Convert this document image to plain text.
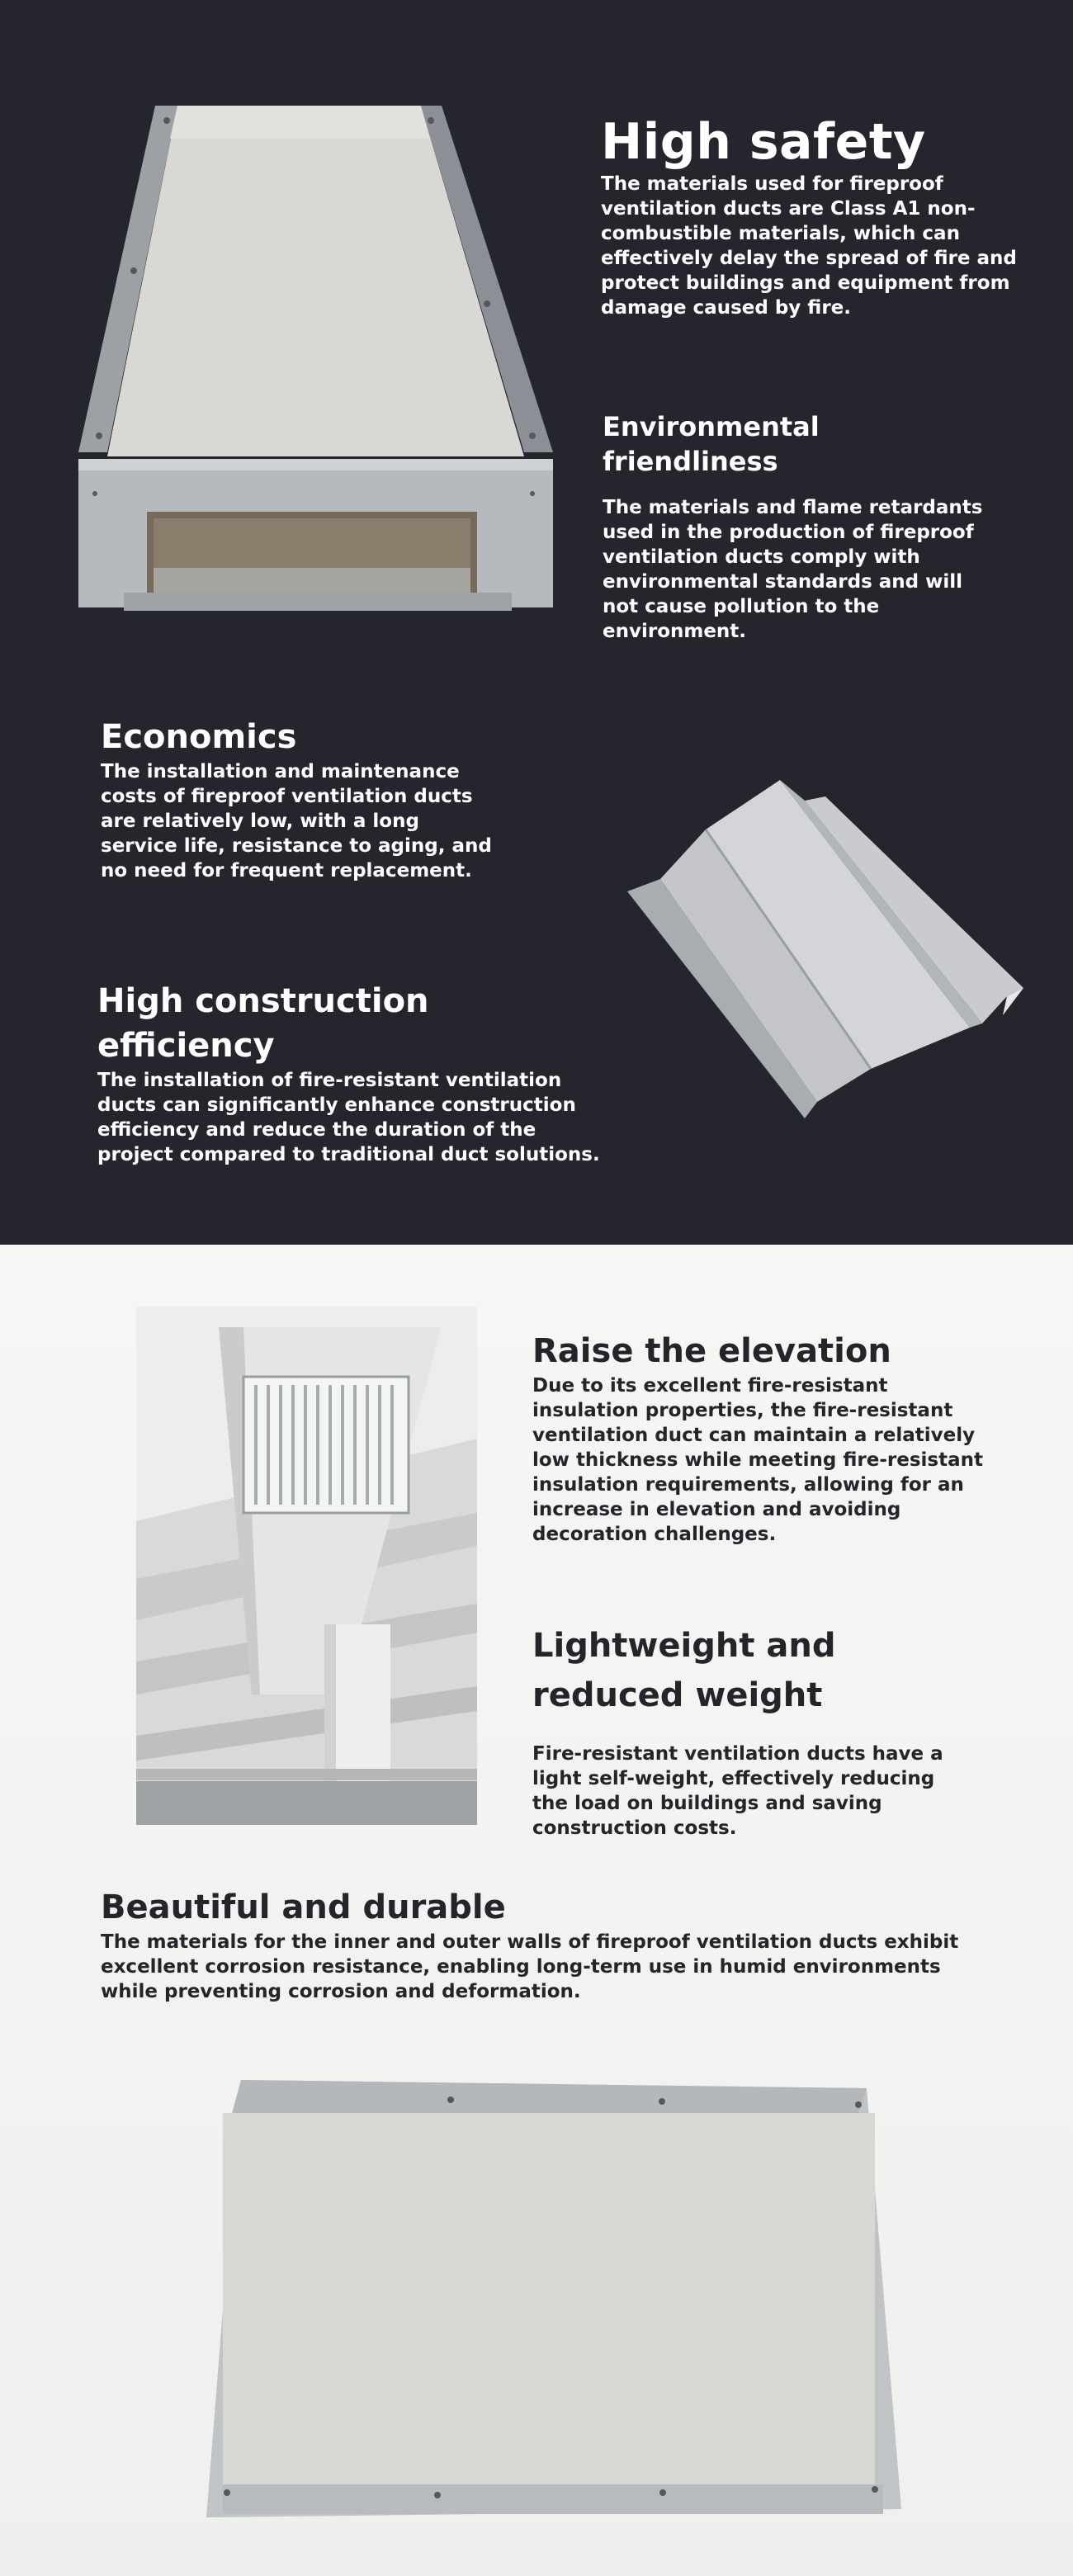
High safety

The materials used for fireproof ventilation ducts are Class A1 non-combustible materials, which can effectively delay the spread of fire and protect buildings and equipment from damage caused by fire.

Environmental friendliness

The materials and flame retardants used in the production of fireproof ventilation ducts comply with environmental standards and will not cause pollution to the environment.

Economics

The installation and maintenance costs of fireproof ventilation ducts are relatively low, with a long service life, resistance to aging, and no need for frequent replacement.

High construction efficiency

The installation of fire-resistant ventilation ducts can significantly enhance construction efficiency and reduce the duration of the project compared to traditional duct solutions.

Raise the elevation

Due to its excellent fire-resistant insulation properties, the fire-resistant ventilation duct can maintain a relatively low thickness while meeting fire-resistant insulation requirements, allowing for an increase in elevation and avoiding decoration challenges.

Lightweight and reduced weight

Fire-resistant ventilation ducts have a light self-weight, effectively reducing the load on buildings and saving construction costs.

Beautiful and durable

The materials for the inner and outer walls of fireproof ventilation ducts exhibit excellent corrosion resistance, enabling long-term use in humid environments while preventing corrosion and deformation.
